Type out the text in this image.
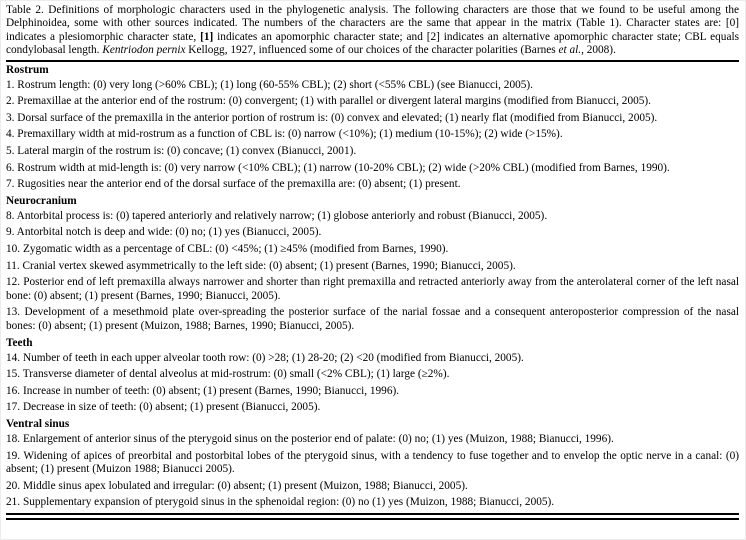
Table 2. Definitions of morphologic characters used in the phylogenetic analysis. The following characters are those that we found to be useful among the Delphinoidea, some with other sources indicated. The numbers of the characters are the same that appear in the matrix (Table 1). Character states are: [0] indicates a plesiomorphic character state, [1] indicates an apomorphic character state; and [2] indicates an alternative apomorphic character state; CBL equals condylobasal length. Kentriodon pernix Kellogg, 1927, influenced some of our choices of the character polarities (Barnes et al., 2008).

Rostrum

1. Rostrum length: (0) very long (>60% CBL); (1) long (60-55% CBL); (2) short (<55% CBL) (see Bianucci, 2005).

2. Premaxillae at the anterior end of the rostrum: (0) convergent; (1) with parallel or divergent lateral margins (modified from Bianucci, 2005).

3. Dorsal surface of the premaxilla in the anterior portion of rostrum is: (0) convex and elevated; (1) nearly flat (modified from Bianucci, 2005).

4. Premaxillary width at mid-rostrum as a function of CBL is: (0) narrow (<10%); (1) medium (10-15%); (2) wide (>15%).

5. Lateral margin of the rostrum is: (0) concave; (1) convex (Bianucci, 2001).

6. Rostrum width at mid-length is: (0) very narrow (<10% CBL); (1) narrow (10-20% CBL); (2) wide (>20% CBL) (modified from Barnes, 1990).

7. Rugosities near the anterior end of the dorsal surface of the premaxilla are: (0) absent; (1) present.

Neurocranium

8. Antorbital process is: (0) tapered anteriorly and relatively narrow; (1) globose anteriorly and robust (Bianucci, 2005).

9. Antorbital notch is deep and wide: (0) no; (1) yes (Bianucci, 2005).

10. Zygomatic width as a percentage of CBL: (0) <45%; (1) ≥45% (modified from Barnes, 1990).

11. Cranial vertex skewed asymmetrically to the left side: (0) absent; (1) present (Barnes, 1990; Bianucci, 2005).

12. Posterior end of left premaxilla always narrower and shorter than right premaxilla and retracted anteriorly away from the anterolateral corner of the left nasal bone: (0) absent; (1) present (Barnes, 1990; Bianucci, 2005).

13. Development of a mesethmoid plate over-spreading the posterior surface of the narial fossae and a consequent anteroposterior compression of the nasal bones: (0) absent; (1) present (Muizon, 1988; Barnes, 1990; Bianucci, 2005).

Teeth

14. Number of teeth in each upper alveolar tooth row: (0) >28; (1) 28-20; (2) <20 (modified from Bianucci, 2005).

15. Transverse diameter of dental alveolus at mid-rostrum: (0) small (<2% CBL); (1) large (≥2%).

16. Increase in number of teeth: (0) absent; (1) present (Barnes, 1990; Bianucci, 1996).

17. Decrease in size of teeth: (0) absent; (1) present (Bianucci, 2005).

Ventral sinus

18. Enlargement of anterior sinus of the pterygoid sinus on the posterior end of palate: (0) no; (1) yes (Muizon, 1988; Bianucci, 1996).

19. Widening of apices of preorbital and postorbital lobes of the pterygoid sinus, with a tendency to fuse together and to envelop the optic nerve in a canal: (0) absent; (1) present (Muizon 1988; Bianucci 2005).

20. Middle sinus apex lobulated and irregular: (0) absent; (1) present (Muizon, 1988; Bianucci, 2005).

21. Supplementary expansion of pterygoid sinus in the sphenoidal region: (0) no (1) yes (Muizon, 1988; Bianucci, 2005).
